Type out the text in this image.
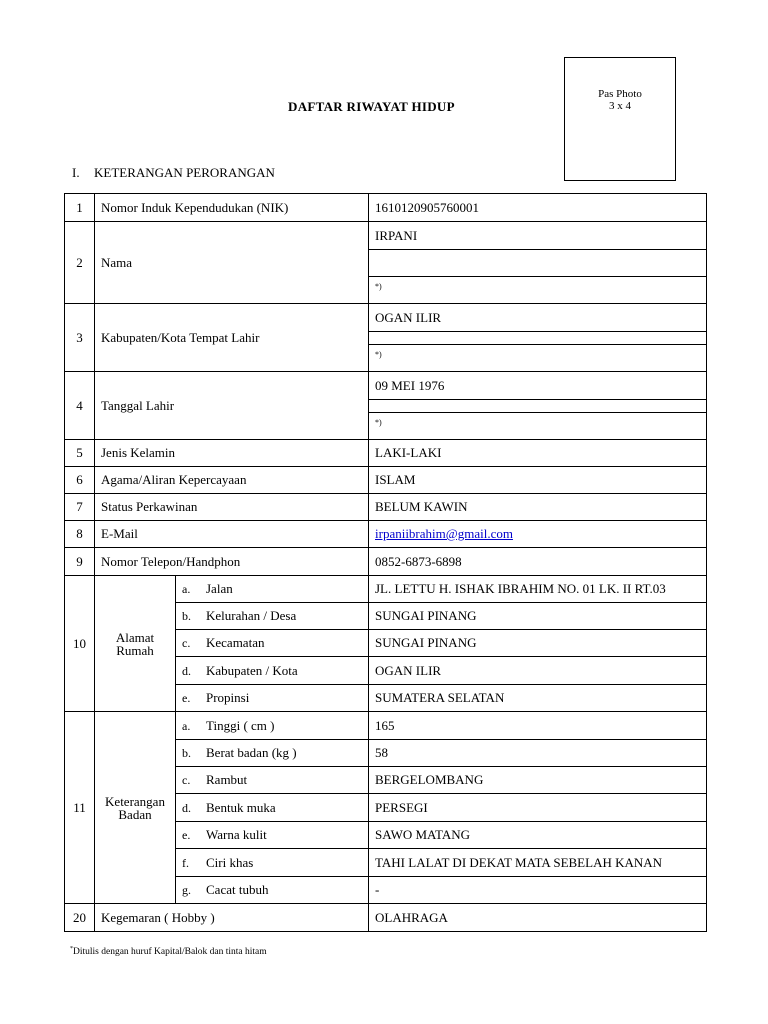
Pas Photo
3 x 4
DAFTAR RIWAYAT HIDUP
I. KETERANGAN PERORANGAN
1	Nomor Induk Kependudukan (NIK)		1610120905760001
2	Nama		IRPANI

			*)
3	Kabupaten/Kota Tempat Lahir		OGAN ILIR

			*)
4	Tanggal Lahir		09 MEI 1976

			*)
5	Jenis Kelamin		LAKI-LAKI
6	Agama/Aliran Kepercayaan		ISLAM
7	Status Perkawinan		BELUM KAWIN
8	E-Mail		irpaniibrahim@gmail.com
9	Nomor Telepon/Handphon		0852-6873-6898
10	Alamat
Rumah	a. Jalan	JL. LETTU H. ISHAK IBRAHIM NO. 01 LK. II RT.03
		b. Kelurahan / Desa	SUNGAI PINANG
		c. Kecamatan	SUNGAI PINANG
		d. Kabupaten / Kota	OGAN ILIR
		e. Propinsi	SUMATERA SELATAN
11	Keterangan
Badan	a. Tinggi ( cm )	165
		b. Berat badan (kg )	58
		c. Rambut	BERGELOMBANG
		d. Bentuk muka	PERSEGI
		e. Warna kulit	SAWO MATANG
		f. Ciri khas	TAHI LALAT DI DEKAT MATA SEBELAH KANAN
		g. Cacat tubuh	-
20	Kegemaran ( Hobby )		OLAHRAGA
*Ditulis dengan huruf Kapital/Balok dan tinta hitam
